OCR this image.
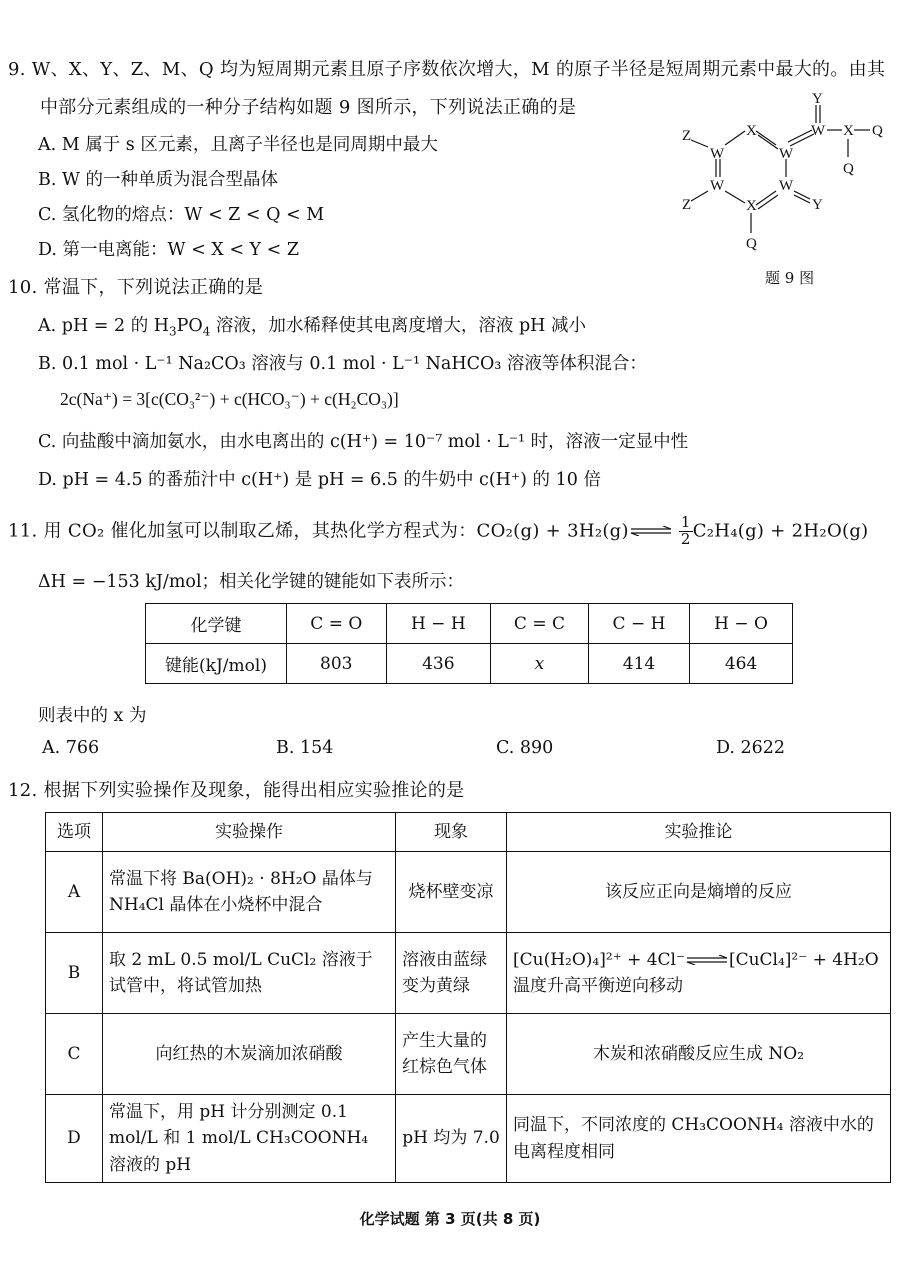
9. W、X、Y、Z、M、Q 均为短周期元素且原子序数依次增大，M 的原子半径是短周期元素中最大的。由其
中部分元素组成的一种分子结构如题 9 图所示，下列说法正确的是
A. M 属于 s 区元素，且离子半径也是同周期中最大
B. W 的一种单质为混合型晶体
C. 氢化物的熔点：W < Z < Q < M
D. 第一电离能：W < X < Y < Z
Z
W
X
W
Y
W X Q
Q
W	W
Y
Z	X
Q
题 9 图
10. 常温下，下列说法正确的是
A. pH = 2 的 $H_3PO_4$ 溶液，加水稀释使其电离度增大，溶液 pH 减小
B. 0.1 mol · L⁻¹ Na₂CO₃ 溶液与 0.1 mol · L⁻¹ NaHCO₃ 溶液等体积混合：
2c(Na⁺) = 3[c(CO₃²⁻) + c(HCO₃⁻) + c(H₂CO₃)]
C. 向盐酸中滴加氨水，由水电离出的 c(H⁺) = 10⁻⁷ mol · L⁻¹ 时，溶液一定显中性
D. pH = 4.5 的番茄汁中 c(H⁺) 是 pH = 6.5 的牛奶中 c(H⁺) 的 10 倍
11. 用 CO₂ 催化加氢可以制取乙烯，其热化学方程式为：CO₂(g) + 3H₂(g)⇌ $\frac{1}{2} C_2H_4(g) + 2H_2O(g)$
ΔH = −153 kJ/mol；相关化学键的键能如下表所示：
化学键	C = O	H − H	C = C	C − H	H − O
键能(kJ/mol)	803	436	x	414	464
则表中的 x 为
A. 766	B. 154	C. 890	D. 2622
12. 根据下列实验操作及现象，能得出相应实验推论的是
选项	实验操作	现象	实验推论
A	常温下将 Ba(OH)₂ · 8H₂O 晶体与 NH₄Cl 晶体在小烧杯中混合	烧杯壁变凉	该反应正向是熵增的反应
B	取 2 mL 0.5 mol/L CuCl₂ 溶液于试管中，将试管加热	溶液由蓝绿变为黄绿	[Cu(H₂O)₄]²⁺ + 4Cl⁻⇌[CuCl₄]²⁻ + 4H₂O
温度升高平衡逆向移动
C	向红热的木炭滴加浓硝酸	产生大量的红棕色气体	木炭和浓硝酸反应生成 NO₂
D	常温下，用 pH 计分别测定 0.1 mol/L 和 1 mol/L CH₃COONH₄ 溶液的 pH	pH 均为 7.0	同温下，不同浓度的 CH₃COONH₄ 溶液中水的电离程度相同
化学试题 第 3 页(共 8 页)
